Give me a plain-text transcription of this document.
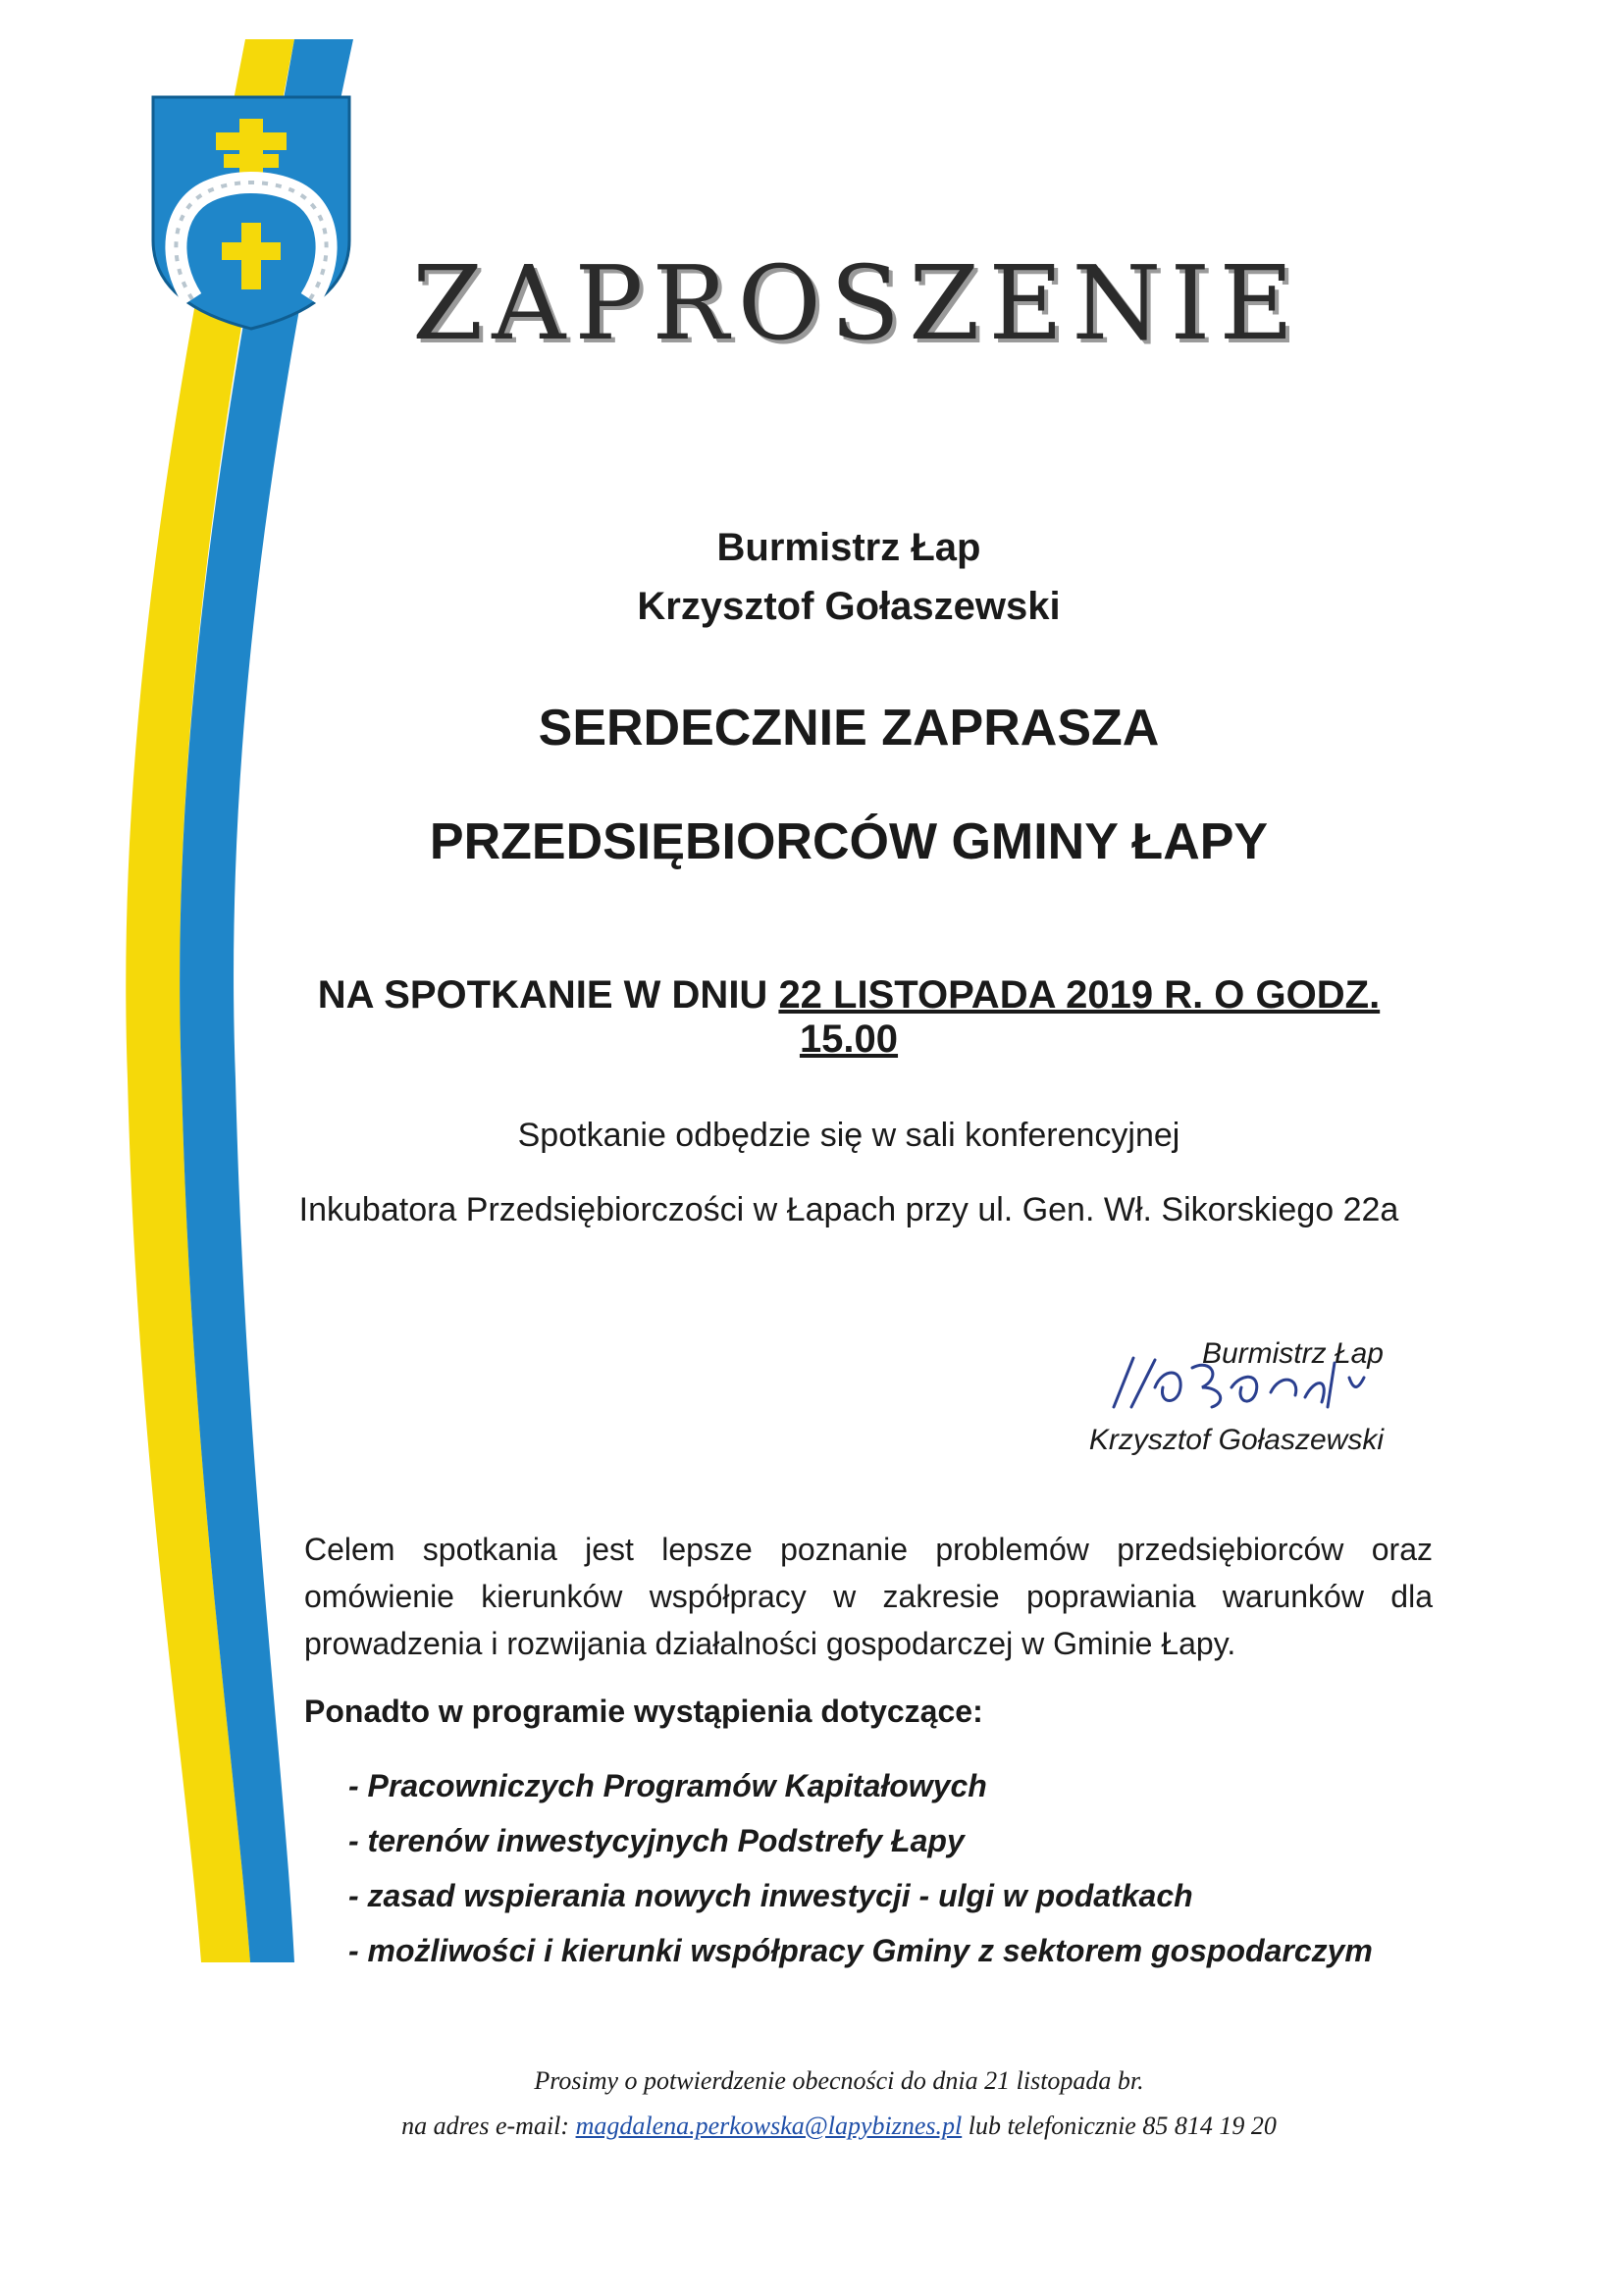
ZAPROSZENIE
Burmistrz Łap
Krzysztof Gołaszewski
SERDECZNIE ZAPRASZA
PRZEDSIĘBIORCÓW GMINY ŁAPY
NA SPOTKANIE W DNIU 22 LISTOPADA 2019 R. O GODZ. 15.00
Spotkanie odbędzie się w sali konferencyjnej
Inkubatora Przedsiębiorczości w Łapach przy ul. Gen. Wł. Sikorskiego 22a
Burmistrz Łap
Krzysztof Gołaszewski
Celem spotkania jest lepsze poznanie problemów przedsiębiorców oraz omówienie kierunków współpracy w zakresie poprawiania warunków dla prowadzenia i rozwijania działalności gospodarczej w Gminie Łapy.
Ponadto w programie wystąpienia dotyczące:
- Pracowniczych Programów Kapitałowych
- terenów inwestycyjnych Podstrefy Łapy
- zasad wspierania nowych inwestycji - ulgi w podatkach
- możliwości i kierunki współpracy Gminy z sektorem gospodarczym
Prosimy o potwierdzenie obecności do dnia 21 listopada br.
na adres e-mail: magdalena.perkowska@lapybiznes.pl lub telefonicznie 85 814 19 20
